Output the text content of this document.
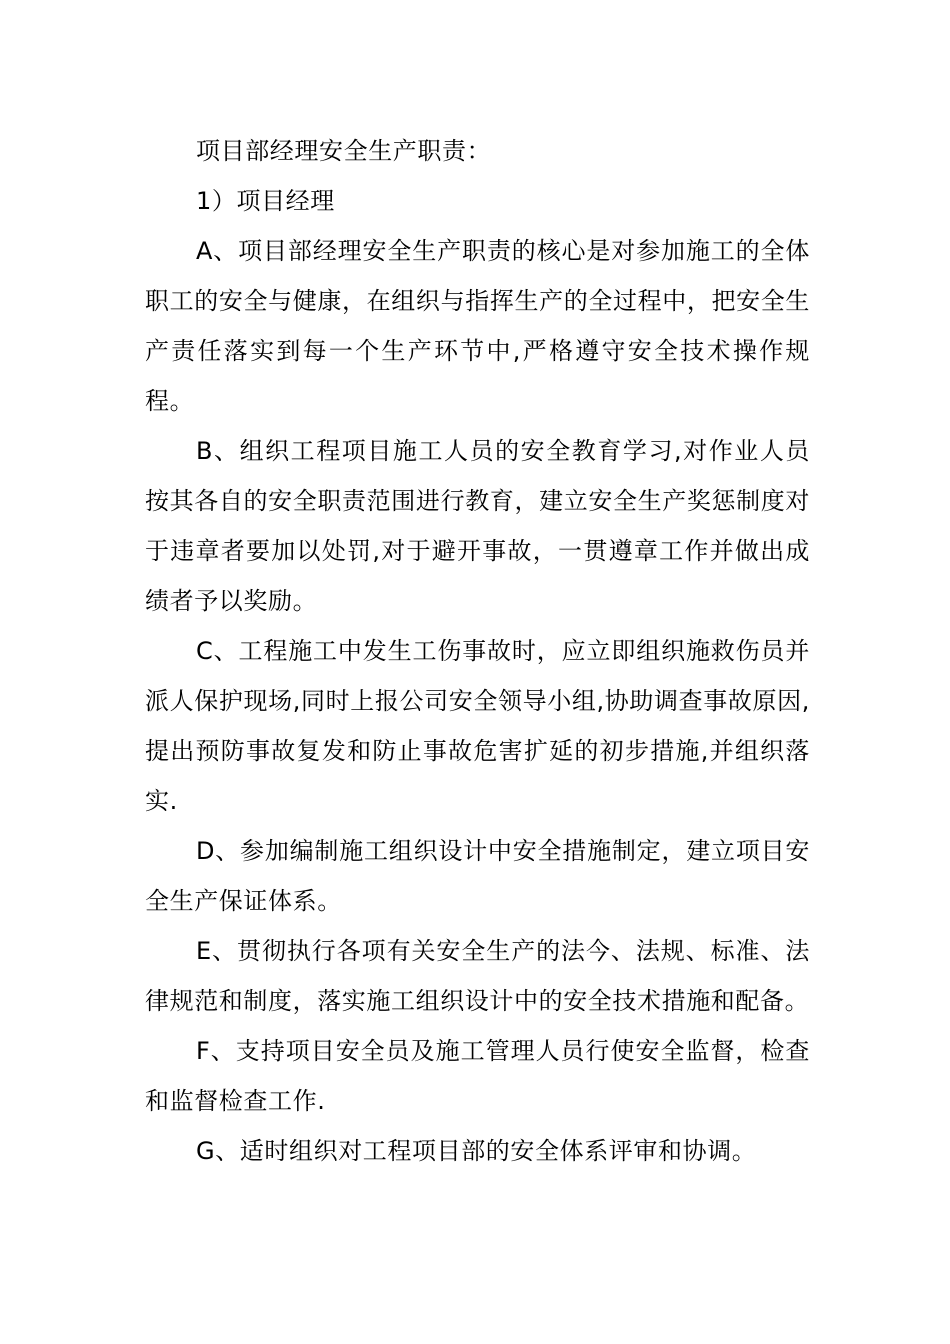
项目部经理安全生产职责：

1）项目经理

A、项目部经理安全生产职责的核心是对参加施工的全体职工的安全与健康，在组织与指挥生产的全过程中，把安全生产责任落实到每一个生产环节中,严格遵守安全技术操作规程。

B、组织工程项目施工人员的安全教育学习,对作业人员按其各自的安全职责范围进行教育，建立安全生产奖惩制度对于违章者要加以处罚,对于避开事故，一贯遵章工作并做出成绩者予以奖励。

C、工程施工中发生工伤事故时，应立即组织施救伤员并派人保护现场,同时上报公司安全领导小组,协助调查事故原因,提出预防事故复发和防止事故危害扩延的初步措施,并组织落实.

D、参加编制施工组织设计中安全措施制定，建立项目安全生产保证体系。

E、贯彻执行各项有关安全生产的法今、法规、标准、法律规范和制度，落实施工组织设计中的安全技术措施和配备。

F、支持项目安全员及施工管理人员行使安全监督，检查和监督检查工作.

G、适时组织对工程项目部的安全体系评审和协调。
